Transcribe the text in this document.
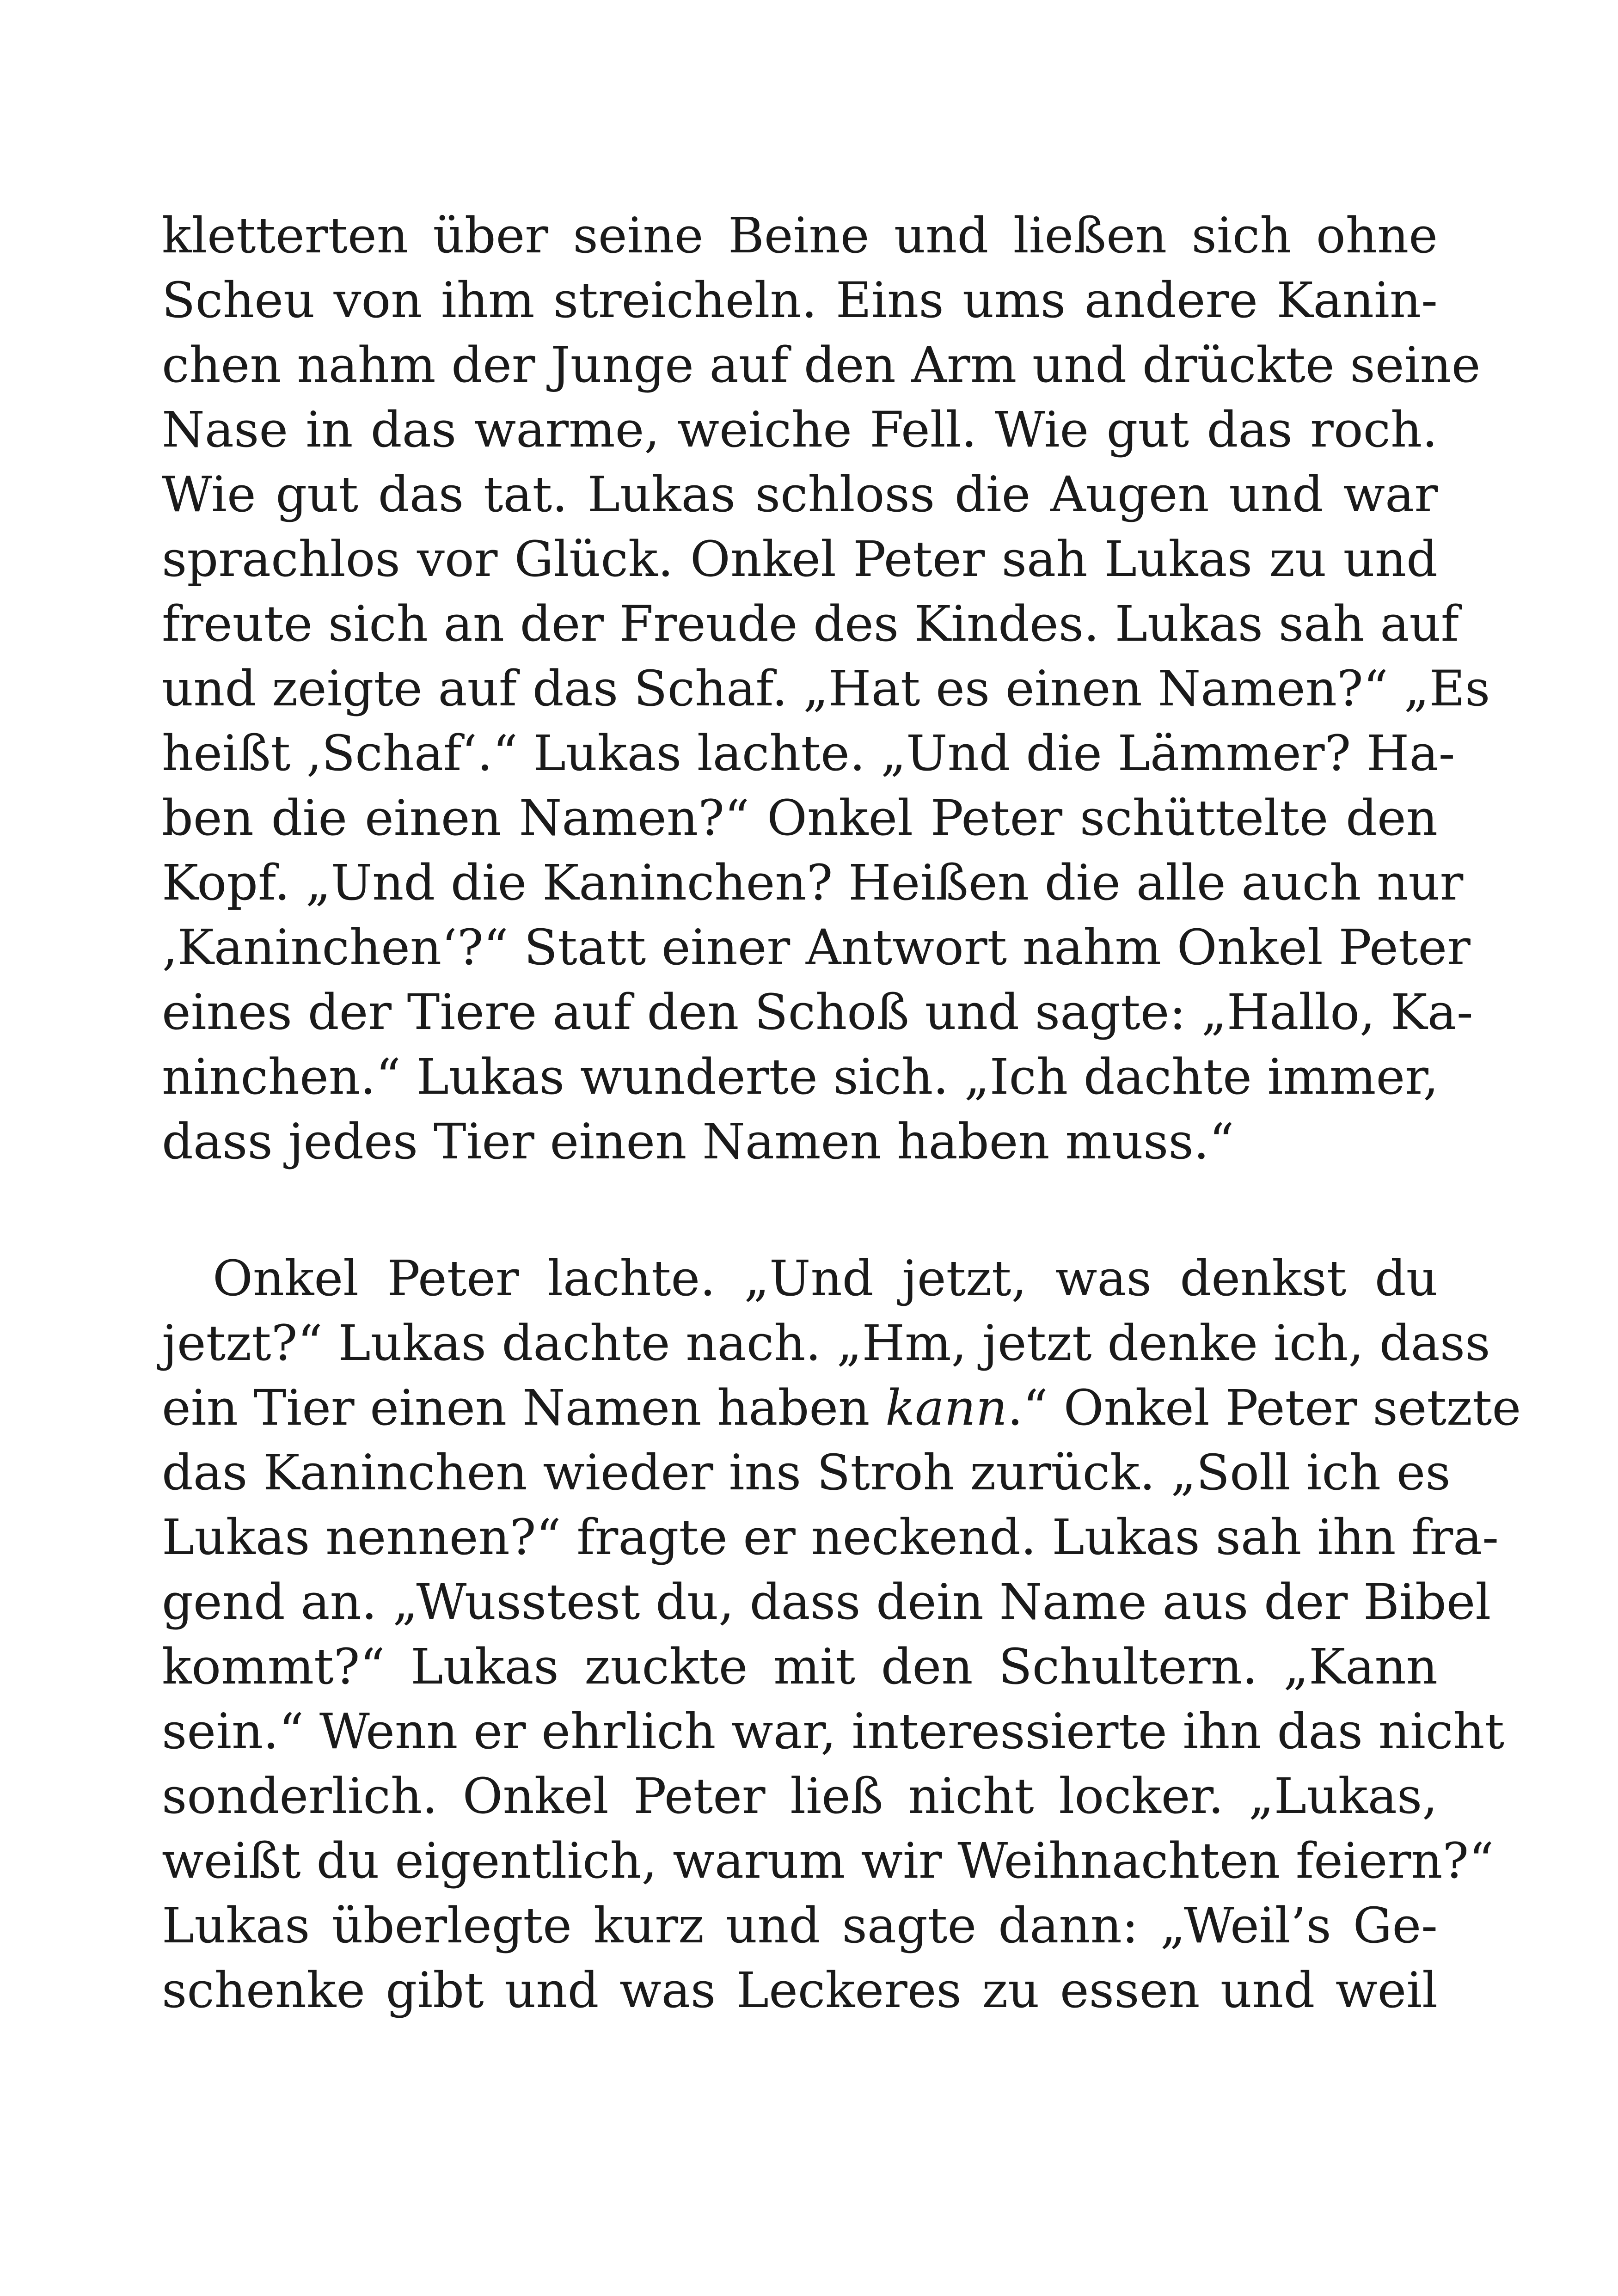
kletterten über seine Beine und ließen sich ohne
Scheu von ihm streicheln. Eins ums andere Kanin-
chen nahm der Junge auf den Arm und drückte seine
Nase in das warme, weiche Fell. Wie gut das roch.
Wie gut das tat. Lukas schloss die Augen und war
sprachlos vor Glück. Onkel Peter sah Lukas zu und
freute sich an der Freude des Kindes. Lukas sah auf
und zeigte auf das Schaf. „Hat es einen Namen?“ „Es
heißt ‚Schaf‘.“ Lukas lachte. „Und die Lämmer? Ha-
ben die einen Namen?“ Onkel Peter schüttelte den
Kopf. „Und die Kaninchen? Heißen die alle auch nur
‚Kaninchen‘?“ Statt einer Antwort nahm Onkel Peter
eines der Tiere auf den Schoß und sagte: „Hallo, Ka-
ninchen.“ Lukas wunderte sich. „Ich dachte immer,
dass jedes Tier einen Namen haben muss.“
Onkel Peter lachte. „Und jetzt, was denkst du
jetzt?“ Lukas dachte nach. „Hm, jetzt denke ich, dass
ein Tier einen Namen haben kann.“ Onkel Peter setzte
das Kaninchen wieder ins Stroh zurück. „Soll ich es
Lukas nennen?“ fragte er neckend. Lukas sah ihn fra-
gend an. „Wusstest du, dass dein Name aus der Bibel
kommt?“ Lukas zuckte mit den Schultern. „Kann
sein.“ Wenn er ehrlich war, interessierte ihn das nicht
sonderlich. Onkel Peter ließ nicht locker. „Lukas,
weißt du eigentlich, warum wir Weihnachten feiern?“
Lukas überlegte kurz und sagte dann: „Weil’s Ge-
schenke gibt und was Leckeres zu essen und weil
